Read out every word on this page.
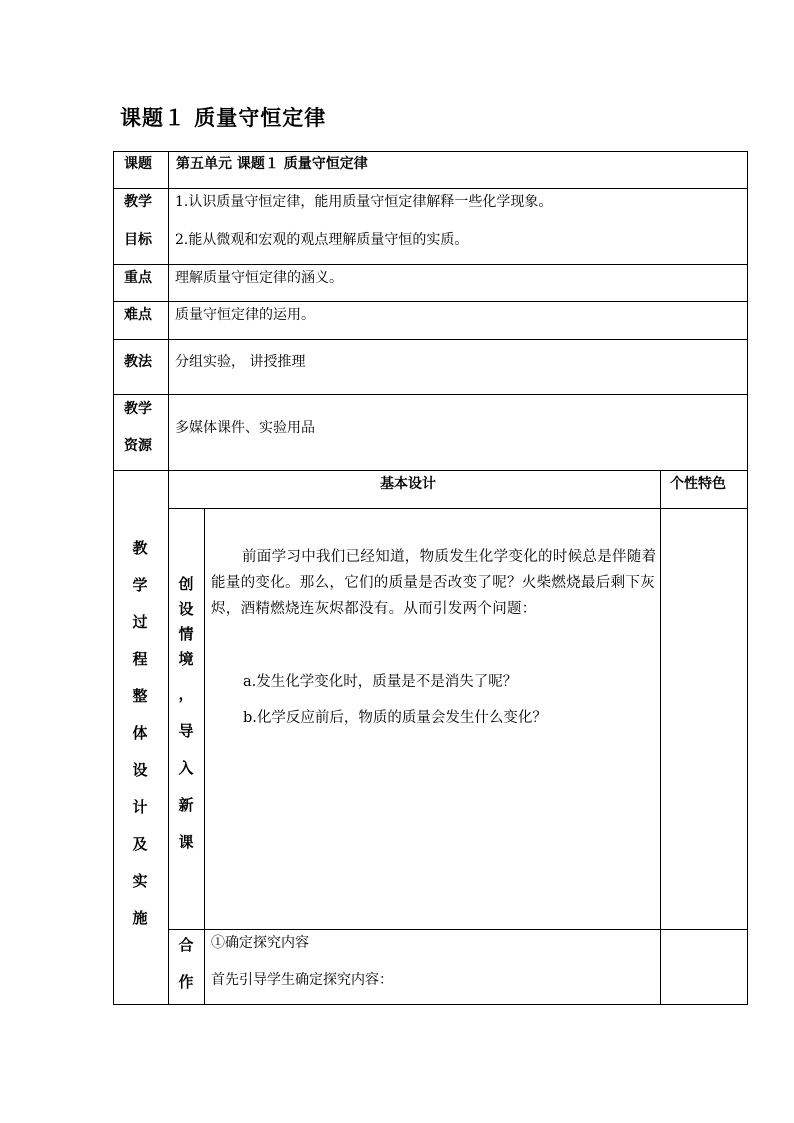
课题１ 质量守恒定律
课题 第五单元 课题１ 质量守恒定律
教学
目标
1.认识质量守恒定律，能用质量守恒定律解释一些化学现象。
2.能从微观和宏观的观点理解质量守恒的实质。
重点 理解质量守恒定律的涵义。
难点 质量守恒定律的运用。
教法 分组实验， 讲授推理
教学
资源
多媒体课件、实验用品
教
学
过
程
整
体
设
计
及
实
施
基本设计	个性特色
创
设
情
境
，
导
入
新
课
前面学习中我们已经知道，物质发生化学变化的时候总是伴随着能量的变化。那么，它们的质量是否改变了呢？火柴燃烧最后剩下灰烬，酒精燃烧连灰烬都没有。从而引发两个问题：
a.发生化学变化时，质量是不是消失了呢？
b.化学反应前后，物质的质量会发生什么变化？
合
作
①确定探究内容
首先引导学生确定探究内容：
